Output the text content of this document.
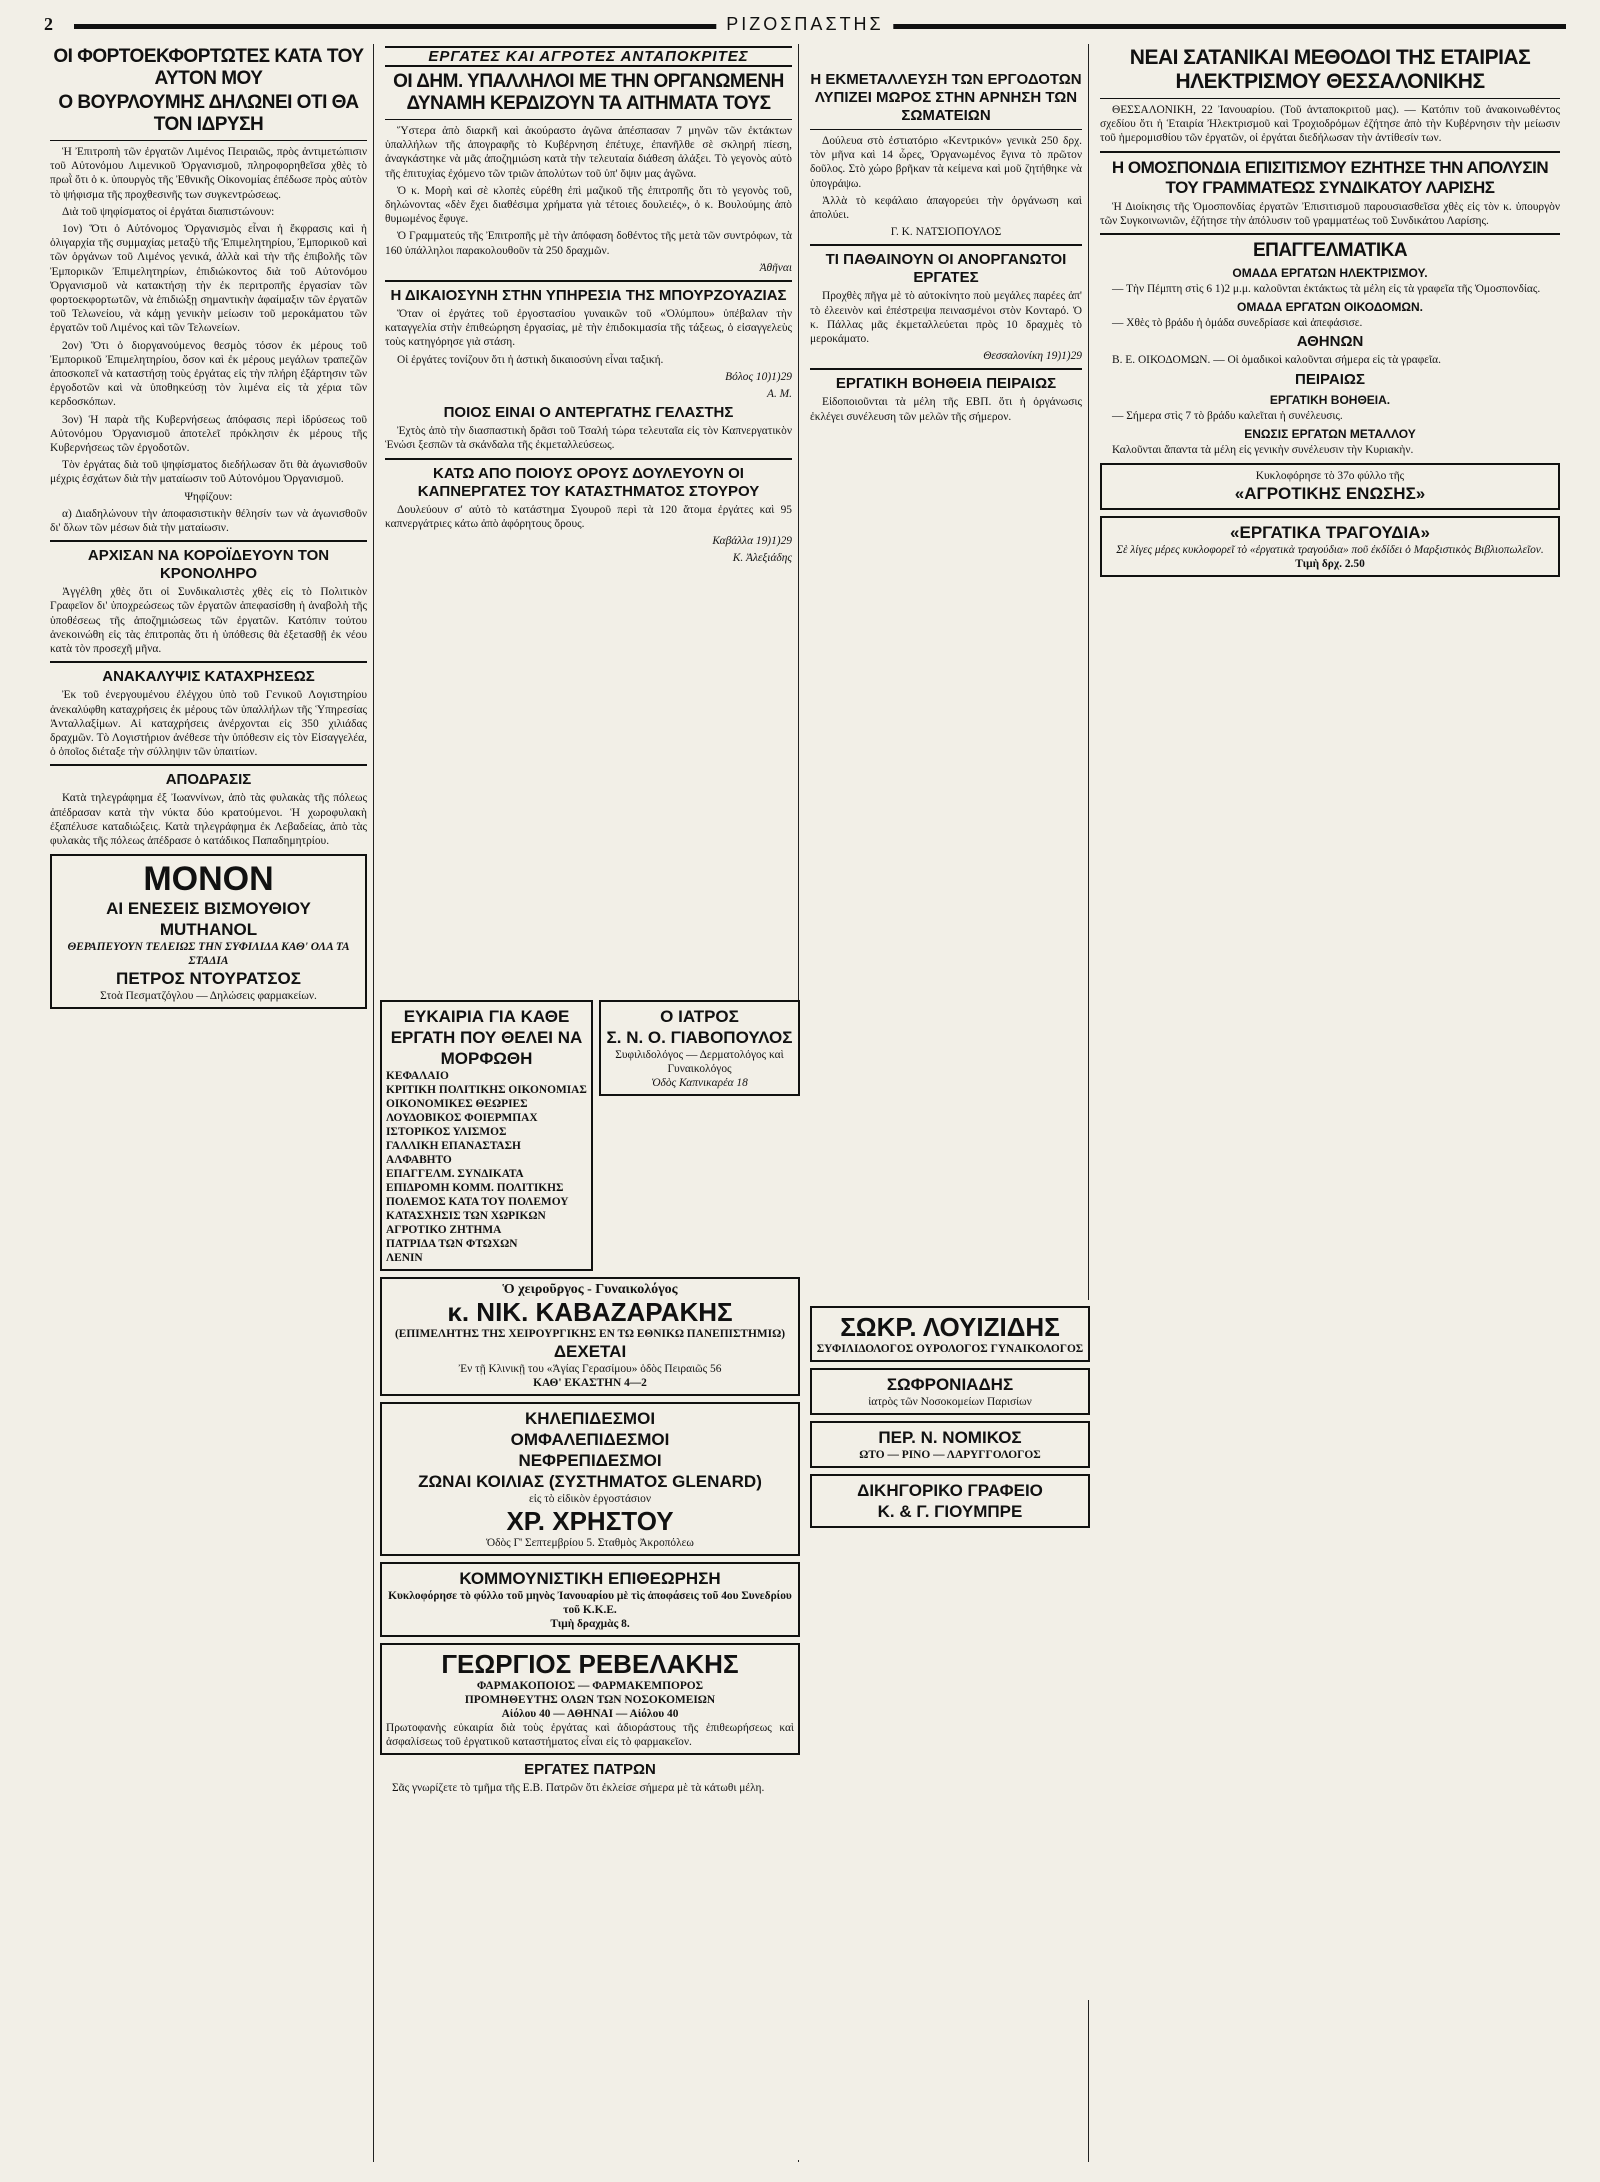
2	ΡΙΖΟΣΠΑΣΤΗΣ
ΟΙ ΦΟΡΤΟΕΚΦΟΡΤΩΤΕΣ ΚΑΤΑ ΤΟΥ ΑΥΤΟΝ ΜΟΥ
Ο ΒΟΥΡΛΟΥΜΗΣ ΔΗΛΩΝΕΙ ΟΤΙ ΘΑ ΤΟΝ ΙΔΡΥΣΗ

Ἡ Ἐπιτροπὴ τῶν ἐργατῶν Λιμένος Πειραιῶς, πρὸς ἀντιμετώπισιν τοῦ Αὐτονόμου Λιμενικοῦ Ὀργανισμοῦ, πληροφορηθεῖσα χθὲς τὸ πρωῒ ὅτι ὁ κ. ὑπουργὸς τῆς Ἐθνικῆς Οἰκονομίας ἐπέδωσε πρὸς αὐτὸν τὸ ψήφισμα τῆς προχθεσινῆς των συγκεντρώσεως.

Διὰ τοῦ ψηφίσματος οἱ ἐργάται διαπιστώνουν:

1ον) Ὅτι ὁ Αὐτόνομος Ὀργανισμὸς εἶναι ἡ ἔκφρασις καὶ ἡ ὀλιγαρχία τῆς συμμαχίας μεταξὺ τῆς Ἐπιμελητηρίου, Ἐμπορικοῦ καὶ τῶν ὀργάνων τοῦ Λιμένος γενικά, ἀλλὰ καὶ τὴν τῆς ἐπιβολῆς τῶν Ἐμπορικῶν Ἐπιμελητηρίων, ἐπιδιώκοντος διὰ τοῦ Αὐτονόμου Ὀργανισμοῦ νὰ κατακτήσῃ τὴν ἐκ περιτροπῆς ἐργασίαν τῶν φορτοεκφορτωτῶν, νὰ ἐπιδιώξῃ σημαντικὴν ἀφαίμαξιν τῶν ἐργατῶν τοῦ Τελωνείου, νὰ κάμῃ γενικὴν μείωσιν τοῦ μεροκάματου τῶν ἐργατῶν τοῦ Λιμένος καὶ τῶν Τελωνείων.

2ον) Ὅτι ὁ διοργανούμενος θεσμὸς τόσον ἐκ μέρους τοῦ Ἐμπορικοῦ Ἐπιμελητηρίου, ὅσον καὶ ἐκ μέρους μεγάλων τραπεζῶν ἀποσκοπεῖ νὰ καταστήσῃ τοὺς ἐργάτας εἰς τὴν πλήρη ἐξάρτησιν τῶν ἐργοδοτῶν καὶ νὰ ὑποθηκεύσῃ τὸν λιμένα εἰς τὰ χέρια τῶν κερδοσκόπων.

3ον) Ἡ παρὰ τῆς Κυβερνήσεως ἀπόφασις περὶ ἱδρύσεως τοῦ Αὐτονόμου Ὀργανισμοῦ ἀποτελεῖ πρόκλησιν ἐκ μέρους τῆς Κυβερνήσεως τῶν ἐργοδοτῶν.

Τὸν ἐργάτας διὰ τοῦ ψηφίσματος διεδήλωσαν ὅτι θὰ ἀγωνισθοῦν μέχρις ἐσχάτων διὰ τὴν ματαίωσιν τοῦ Αὐτονόμου Ὀργανισμοῦ.

Ψηφίζουν:

α) Διαδηλώνουν τὴν ἀποφασιστικὴν θέλησίν των νὰ ἀγωνισθοῦν δι' ὅλων τῶν μέσων διὰ τὴν ματαίωσιν.

ΑΡΧΙΣΑΝ ΝΑ ΚΟΡΟΪΔΕΥΟΥΝ ΤΟΝ ΚΡΟΝΟΛΗΡΟ

Ἀγγέλθη χθὲς ὅτι οἱ Συνδικαλιστὲς χθὲς εἰς τὸ Πολιτικὸν Γραφεῖον δι' ὑποχρεώσεως τῶν ἐργατῶν ἀπεφασίσθη ἡ ἀναβολὴ τῆς ὑποθέσεως τῆς ἀποζημιώσεως τῶν ἐργατῶν. Κατόπιν τούτου ἀνεκοινώθη εἰς τὰς ἐπιτροπὰς ὅτι ἡ ὑπόθεσις θὰ ἐξετασθῇ ἐκ νέου κατὰ τὸν προσεχῆ μῆνα.

ΑΝΑΚΑΛΥΨΙΣ ΚΑΤΑΧΡΗΣΕΩΣ

Ἐκ τοῦ ἐνεργουμένου ἐλέγχου ὑπὸ τοῦ Γενικοῦ Λογιστηρίου ἀνεκαλύφθη καταχρήσεις ἐκ μέρους τῶν ὑπαλλήλων τῆς Ὑπηρεσίας Ἀνταλλαξίμων. Αἱ καταχρήσεις ἀνέρχονται εἰς 350 χιλιάδας δραχμῶν. Τὸ Λογιστήριον ἀνέθεσε τὴν ὑπόθεσιν εἰς τὸν Εἰσαγγελέα, ὁ ὁποῖος διέταξε τὴν σύλληψιν τῶν ὑπαιτίων.

ΑΠΟΔΡΑΣΙΣ

Κατὰ τηλεγράφημα ἐξ Ἰωαννίνων, ἀπὸ τὰς φυλακὰς τῆς πόλεως ἀπέδρασαν κατὰ τὴν νύκτα δύο κρατούμενοι. Ἡ χωροφυλακὴ ἐξαπέλυσε καταδιώξεις. Κατὰ τηλεγράφημα ἐκ Λεβαδείας, ἀπὸ τὰς φυλακὰς τῆς πόλεως ἀπέδρασε ὁ κατάδικος Παπαδημητρίου.

ΜΟΝΟΝ
ΑΙ ΕΝΕΣΕΙΣ ΒΙΣΜΟΥΘΙΟΥ MUTHANOL
ΘΕΡΑΠΕΥΟΥΝ ΤΕΛΕΙΩΣ ΤΗΝ ΣΥΦΙΛΙΔΑ ΚΑΘ' ΟΛΑ ΤΑ ΣΤΑΔΙΑ
ΠΕΤΡΟΣ ΝΤΟΥΡΑΤΣΟΣ
Στοὰ Πεσματζόγλου — Δηλώσεις φαρμακείων.
ΕΡΓΑΤΕΣ ΚΑΙ ΑΓΡΟΤΕΣ ΑΝΤΑΠΟΚΡΙΤΕΣ
ΟΙ ΔΗΜ. ΥΠΑΛΛΗΛΟΙ ΜΕ ΤΗΝ ΟΡΓΑΝΩΜΕΝΗ ΔΥΝΑΜΗ ΚΕΡΔΙΖΟΥΝ ΤΑ ΑΙΤΗΜΑΤΑ ΤΟΥΣ

Ὕστερα ἀπὸ διαρκῆ καὶ ἀκούραστο ἀγῶνα ἀπέσπασαν 7 μηνῶν τῶν ἐκτάκτων ὑπαλλήλων τῆς ἀπογραφῆς τὸ Κυβέρνηση ἐπέτυχε, ἐπανῆλθε σὲ σκληρή πίεση, ἀναγκάστηκε νὰ μᾶς ἀποζημιώση κατὰ τὴν τελευταία διάθεση ἀλάξει. Τὸ γεγονὸς αὐτὸ τῆς ἐπιτυχίας ἐχόμενο τῶν τριῶν ἀπολύτων τοῦ ὑπ' ὄψιν μας ἀγῶνα.

Ὁ κ. Μορὴ καὶ σὲ κλοπὲς εὑρέθη ἐπὶ μαζικοῦ τῆς ἐπιτροπῆς ὅτι τὸ γεγονὸς τοῦ, δηλώνοντας «δὲν ἔχει διαθέσιμα χρήματα γιὰ τέτοιες δουλειές», ὁ κ. Βουλούμης ἀπὸ θυμωμένος ἔφυγε.

Ὁ Γραμματεύς τῆς Ἐπιτροπῆς μὲ τὴν ἀπόφαση δοθέντος τῆς μετὰ τῶν συντρόφων, τὰ 160 ὑπάλληλοι παρακολουθοῦν τὰ 250 δραχμῶν.

Ἀθῆναι

Η ΔΙΚΑΙΟΣΥΝΗ ΣΤΗΝ ΥΠΗΡΕΣΙΑ ΤΗΣ ΜΠΟΥΡΖΟΥΑΖΙΑΣ

Ὅταν οἱ ἐργάτες τοῦ ἐργοστασίου γυναικῶν τοῦ «Ὀλύμπου» ὑπέβαλαν τὴν καταγγελία στὴν ἐπιθεώρηση ἐργασίας, μὲ τὴν ἐπιδοκιμασία τῆς τάξεως, ὁ εἰσαγγελεὺς τοὺς κατηγόρησε γιὰ στάση.

Οἱ ἐργάτες τονίζουν ὅτι ἡ ἀστικὴ δικαιοσύνη εἶναι ταξική.

Βόλος 10)1)29

Α. Μ.

ΠΟΙΟΣ ΕΙΝΑΙ Ο ΑΝΤΕΡΓΑΤΗΣ ΓΕΛΑΣΤΗΣ

Ἐχτὸς ἀπὸ τὴν διασπαστικὴ δρᾶσι τοῦ Τσαλή τώρα τελευταῖα εἰς τὸν Καπνεργατικὸν Ἑνώσι ξεσπῶν τὰ σκάνδαλα τῆς ἐκμεταλλεύσεως.

ΚΑΤΩ ΑΠΟ ΠΟΙΟΥΣ ΟΡΟΥΣ ΔΟΥΛΕΥΟΥΝ ΟΙ ΚΑΠΝΕΡΓΑΤΕΣ ΤΟΥ ΚΑΤΑΣΤΗΜΑΤΟΣ ΣΤΟΥΡΟΥ

Δουλεύουν σ' αὐτὸ τὸ κατάστημα Σγουροῦ περὶ τὰ 120 ἄτομα ἐργάτες καὶ 95 καπνεργάτριες κάτω ἀπὸ ἀφόρητους ὅρους.

Καβάλλα 19)1)29

Κ. Ἀλεξιάδης

Η ΕΚΜΕΤΑΛΛΕΥΣΗ ΤΩΝ ΕΡΓΟΔΟΤΩΝ ΛΥΠΙΖΕΙ ΜΩΡΟΣ ΣΤΗΝ ΑΡΝΗΣΗ ΤΩΝ ΣΩΜΑΤΕΙΩΝ

Δούλευα στὸ ἐστιατόριο «Κεντρικόν» γενικὰ 250 δρχ. τὸν μῆνα καὶ 14 ὧρες, Ὀργανωμένος ἔγινα τὸ πρῶτον δοῦλος. Στὸ χώρο βρῆκαν τὰ κείμενα καὶ μοῦ ζητήθηκε νὰ ὑπογράψω.

Ἀλλὰ τὸ κεφάλαιο ἀπαγορεύει τὴν ὀργάνωση καὶ ἀπολύει.

Γ. Κ. ΝΑΤΣΙΟΠΟΥΛΟΣ

ΤΙ ΠΑΘΑΙΝΟΥΝ ΟΙ ΑΝΟΡΓΑΝΩΤΟΙ ΕΡΓΑΤΕΣ

Προχθὲς πῆγα μὲ τὸ αὐτοκίνητο ποὺ μεγάλες παρέες ἀπ' τὸ ἐλεεινὸν καὶ ἐπέστρεψα πεινασμένοι στὸν Κονταρό. Ὁ κ. Πάλλας μᾶς ἐκμεταλλεύεται πρὸς 10 δραχμὲς τὸ μεροκάματο.

Θεσσαλονίκη 19)1)29

ΕΡΓΑΤΙΚΗ ΒΟΗΘΕΙΑ ΠΕΙΡΑΙΩΣ

Εἰδοποιοῦνται τὰ μέλη τῆς ΕΒΠ. ὅτι ἡ ὀργάνωσις ἐκλέγει συνέλευση τῶν μελῶν τῆς σήμερον.

ΝΕΑΙ ΣΑΤΑΝΙΚΑΙ ΜΕΘΟΔΟΙ ΤΗΣ ΕΤΑΙΡΙΑΣ ΗΛΕΚΤΡΙΣΜΟΥ ΘΕΣΣΑΛΟΝΙΚΗΣ

ΘΕΣΣΑΛΟΝΙΚΗ, 22 Ἰανουαρίου. (Τοῦ ἀνταποκριτοῦ μας). — Κατόπιν τοῦ ἀνακοινωθέντος σχεδίου ὅτι ἡ Ἑταιρία Ἠλεκτρισμοῦ καὶ Τροχιοδρόμων ἐζήτησε ἀπὸ τὴν Κυβέρνησιν τὴν μείωσιν τοῦ ἡμερομισθίου τῶν ἐργατῶν, οἱ ἐργάται διεδήλωσαν τὴν ἀντίθεσίν των.

Η ΟΜΟΣΠΟΝΔΙΑ ΕΠΙΣΙΤΙΣΜΟΥ ΕΖΗΤΗΣΕ ΤΗΝ ΑΠΟΛΥΣΙΝ ΤΟΥ ΓΡΑΜΜΑΤΕΩΣ ΣΥΝΔΙΚΑΤΟΥ ΛΑΡΙΣΗΣ

Ἡ Διοίκησις τῆς Ὁμοσπονδίας ἐργατῶν Ἐπισιτισμοῦ παρουσιασθεῖσα χθὲς εἰς τὸν κ. ὑπουργὸν τῶν Συγκοινωνιῶν, ἐζήτησε τὴν ἀπόλυσιν τοῦ γραμματέως τοῦ Συνδικάτου Λαρίσης.

ΕΠΑΓΓΕΛΜΑΤΙΚΑ
ΟΜΑΔΑ ΕΡΓΑΤΩΝ ΗΛΕΚΤΡΙΣΜΟΥ.

— Τὴν Πέμπτη στὶς 6 1)2 μ.μ. καλοῦνται ἐκτάκτως τὰ μέλη εἰς τὰ γραφεῖα τῆς Ὁμοσπονδίας.

ΟΜΑΔΑ ΕΡΓΑΤΩΝ ΟΙΚΟΔΟΜΩΝ.

— Χθὲς τὸ βράδυ ἡ ὁμάδα συνεδρίασε καὶ ἀπεφάσισε.

ΑΘΗΝΩΝ

Β. Ε. ΟΙΚΟΔΟΜΩΝ. — Οἱ ὁμαδικοὶ καλοῦνται σήμερα εἰς τὰ γραφεῖα.

ΠΕΙΡΑΙΩΣ
ΕΡΓΑΤΙΚΗ ΒΟΗΘΕΙΑ.

— Σήμερα στὶς 7 τὸ βράδυ καλεῖται ἡ συνέλευσις.

ΕΝΩΣΙΣ ΕΡΓΑΤΩΝ ΜΕΤΑΛΛΟΥ

Καλοῦνται ἅπαντα τὰ μέλη εἰς γενικὴν συνέλευσιν τὴν Κυριακὴν.

Κυκλοφόρησε τὸ 37ο φύλλο τῆς
«ΑΓΡΟΤΙΚΗΣ ΕΝΩΣΗΣ»
«ΕΡΓΑΤΙΚΑ ΤΡΑΓΟΥΔΙΑ»
Σὲ λίγες μέρες κυκλοφορεῖ τὸ «ἐργατικὰ τραγούδια» ποῦ ἐκδίδει ὁ Μαρξιστικὸς Βιβλιοπωλεῖον.
Τιμὴ δρχ. 2.50
ΕΥΚΑΙΡΙΑ ΓΙΑ ΚΑΘΕ ΕΡΓΑΤΗ ΠΟΥ ΘΕΛΕΙ ΝΑ ΜΟΡΦΩΘΗ
ΚΕΦΑΛΑΙΟ
ΚΡΙΤΙΚΗ ΠΟΛΙΤΙΚΗΣ ΟΙΚΟΝΟΜΙΑΣ
ΟΙΚΟΝΟΜΙΚΕΣ ΘΕΩΡΙΕΣ
ΛΟΥΔΟΒΙΚΟΣ ΦΟΙΕΡΜΠΑΧ
ΙΣΤΟΡΙΚΟΣ ΥΛΙΣΜΟΣ
ΓΑΛΛΙΚΗ ΕΠΑΝΑΣΤΑΣΗ
ΑΛΦΑΒΗΤΟ
ΕΠΑΓΓΕΛΜ. ΣΥΝΔΙΚΑΤΑ
ΕΠΙΔΡΟΜΗ ΚΟΜΜ. ΠΟΛΙΤΙΚΗΣ
ΠΟΛΕΜΟΣ ΚΑΤΑ ΤΟΥ ΠΟΛΕΜΟΥ
ΚΑΤΑΣΧΗΣΙΣ ΤΩΝ ΧΩΡΙΚΩΝ
ΑΓΡΟΤΙΚΟ ΖΗΤΗΜΑ
ΠΑΤΡΙΔΑ ΤΩΝ ΦΤΩΧΩΝ
ΛΕΝΙΝ
Ο ΙΑΤΡΟΣ
Σ. Ν. Ο. ΓΙΑΒΟΠΟΥΛΟΣ
Συφιλιδολόγος — Δερματολόγος καὶ Γυναικολόγος
Ὁδὸς Καπνικαρέα 18
Ὁ χειροῦργος - Γυναικολόγος
κ. ΝΙΚ. ΚΑΒΑΖΑΡΑΚΗΣ
(ΕΠΙΜΕΛΗΤΗΣ ΤΗΣ ΧΕΙΡΟΥΡΓΙΚΗΣ ΕΝ ΤΩ ΕΘΝΙΚΩ ΠΑΝΕΠΙΣΤΗΜΙΩ)
ΔΕΧΕΤΑΙ
Ἐν τῇ Κλινικῇ του «Ἁγίας Γερασίμου» ὁδὸς Πειραιῶς 56
ΚΑΘ' ΕΚΑΣΤΗΝ 4—2
ΚΗΛΕΠΙΔΕΣΜΟΙ
ΟΜΦΑΛΕΠΙΔΕΣΜΟΙ
ΝΕΦΡΕΠΙΔΕΣΜΟΙ
ΖΩΝΑΙ ΚΟΙΛΙΑΣ (ΣΥΣΤΗΜΑΤΟΣ GLENARD)
εἰς τὸ εἰδικὸν ἐργοστάσιον
ΧΡ. ΧΡΗΣΤΟΥ
Ὁδὸς Γ' Σεπτεμβρίου 5. Σταθμὸς Ἀκροπόλεω
ΚΟΜΜΟΥΝΙΣΤΙΚΗ ΕΠΙΘΕΩΡΗΣΗ
Κυκλοφόρησε τὸ φύλλο τοῦ μηνὸς Ἰανουαρίου μὲ τὶς ἀποφάσεις τοῦ 4ου Συνεδρίου τοῦ Κ.Κ.Ε.
Τιμὴ δραχμὰς 8.
ΓΕΩΡΓΙΟΣ ΡΕΒΕΛΑΚΗΣ
ΦΑΡΜΑΚΟΠΟΙΟΣ — ΦΑΡΜΑΚΕΜΠΟΡΟΣ
ΠΡΟΜΗΘΕΥΤΗΣ ΟΛΩΝ ΤΩΝ ΝΟΣΟΚΟΜΕΙΩΝ
Αἰόλου 40 — ΑΘΗΝΑΙ — Αἰόλου 40
Πρωτοφανὴς εὐκαιρία διὰ τοὺς ἐργάτας καὶ ἀδιοράστους τῆς ἐπιθεωρήσεως καὶ ἀσφαλίσεως τοῦ ἐργατικοῦ καταστήματος εἶναι εἰς τὸ φαρμακεῖον.
ΕΡΓΑΤΕΣ ΠΑΤΡΩΝ

Σᾶς γνωρίζετε τὸ τμῆμα τῆς Ε.Β. Πατρῶν ὅτι ἐκλείσε σήμερα μὲ τὰ κάτωθι μέλη.

ΣΩΚΡ. ΛΟΥΙΖΙΔΗΣ
ΣΥΦΙΛΙΔΟΛΟΓΟΣ ΟΥΡΟΛΟΓΟΣ ΓΥΝΑΙΚΟΛΟΓΟΣ
ΣΩΦΡΟΝΙΑΔΗΣ
ἰατρὸς τῶν Νοσοκομείων Παρισίων
ΠΕΡ. Ν. ΝΟΜΙΚΟΣ
ΩΤΟ — ΡΙΝΟ — ΛΑΡΥΓΓΟΛΟΓΟΣ
ΔΙΚΗΓΟΡΙΚΟ ΓΡΑΦΕΙΟ
Κ. & Γ. ΓΙΟΥΜΠΡΕ
